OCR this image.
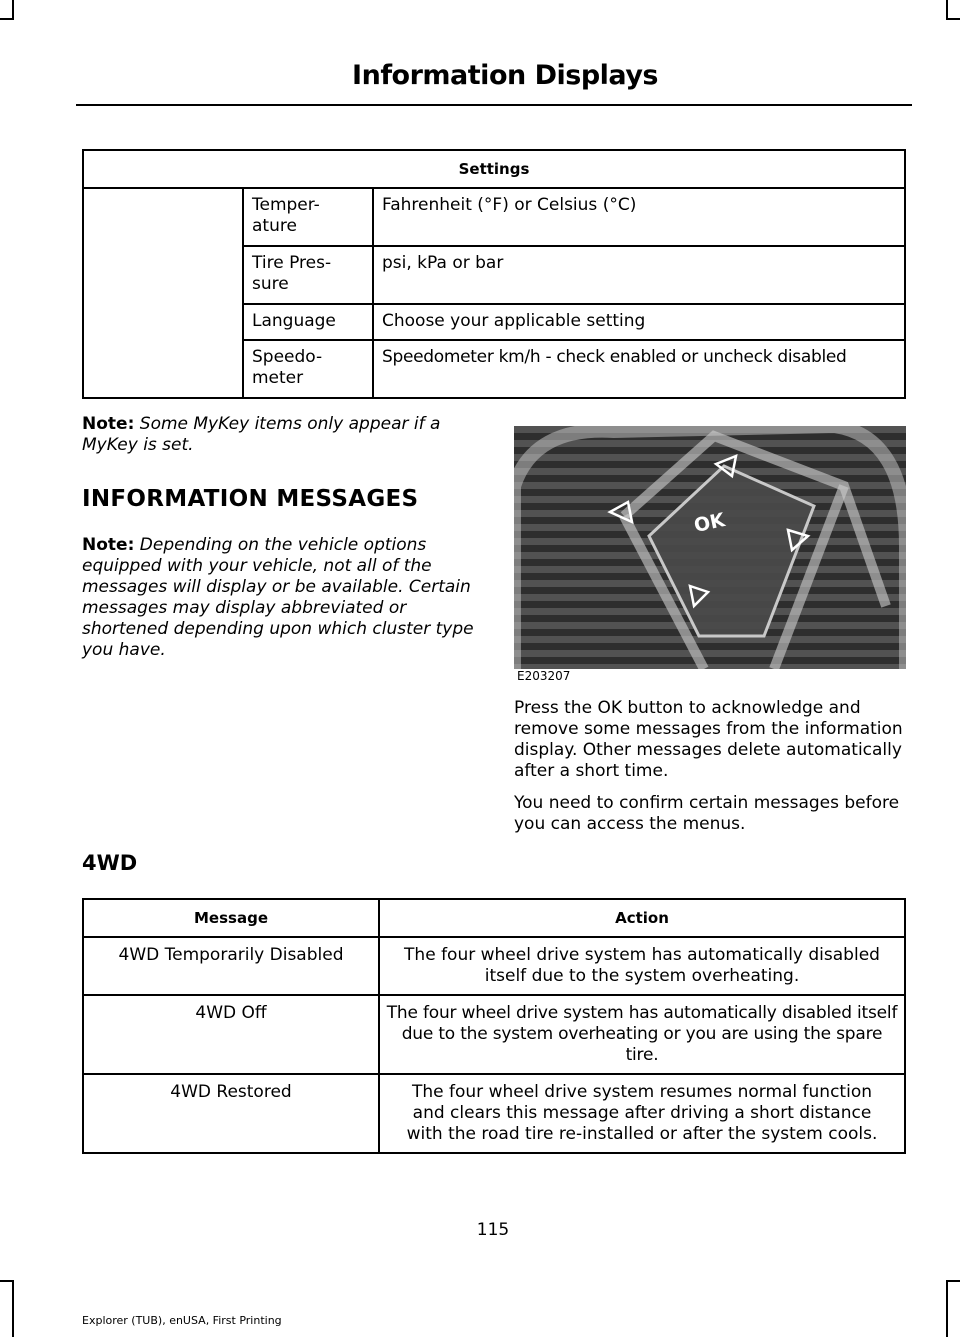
Information Displays
Settings		
	Temper-
ature	Fahrenheit (°F) or Celsius (°C)
	Tire Pres-
sure	psi, kPa or bar
	Language	Choose your applicable setting
	Speedo-
meter	Speedometer km/h - check enabled or uncheck disabled
Note: Some MyKey items only appear if a MyKey is set.
INFORMATION MESSAGES
Note: Depending on the vehicle options equipped with your vehicle, not all of the messages will display or be available. Certain messages may display abbreviated or shortened depending upon which cluster type you have.
OK
E203207
Press the OK button to acknowledge and remove some messages from the information display. Other messages delete automatically after a short time.
You need to confirm certain messages before you can access the menus.
4WD
Message	Action
4WD Temporarily Disabled	The four wheel drive system has automatically disabled itself due to the system overheating.
4WD Off	The four wheel drive system has automatically disabled itself due to the system overheating or you are using the spare tire.
4WD Restored	The four wheel drive system resumes normal function and clears this message after driving a short distance with the road tire re-installed or after the system cools.
115
Explorer (TUB), enUSA, First Printing
